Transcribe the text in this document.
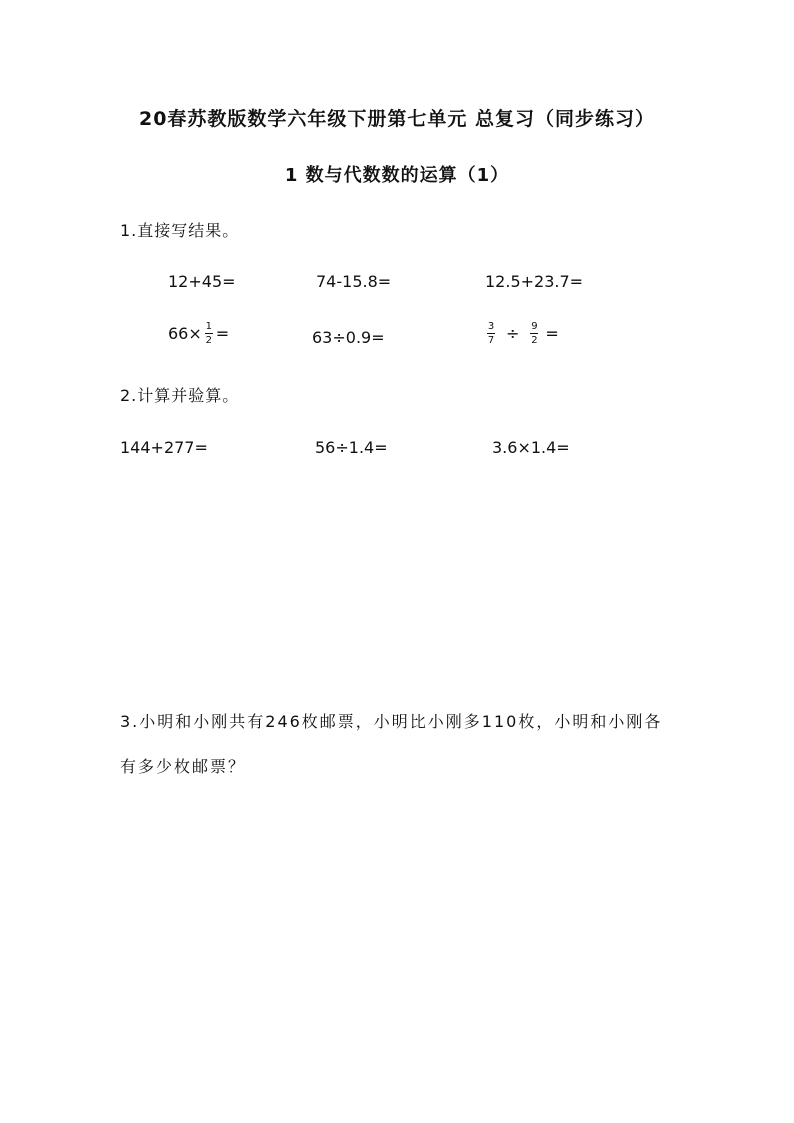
20春苏教版数学六年级下册第七单元 总复习（同步练习）
1 数与代数数的运算（1）
1.直接写结果。
12+45=	74-15.8=	12.5+23.7=
$66 \times \frac{1}{2}$ =	63÷0.9=	$\frac{3}{7} \div \frac{9}{2}$ =
2.计算并验算。
144+277=	56÷1.4=	3.6×1.4=
3.小明和小刚共有246枚邮票，小明比小刚多110枚，小明和小刚各
有多少枚邮票？
